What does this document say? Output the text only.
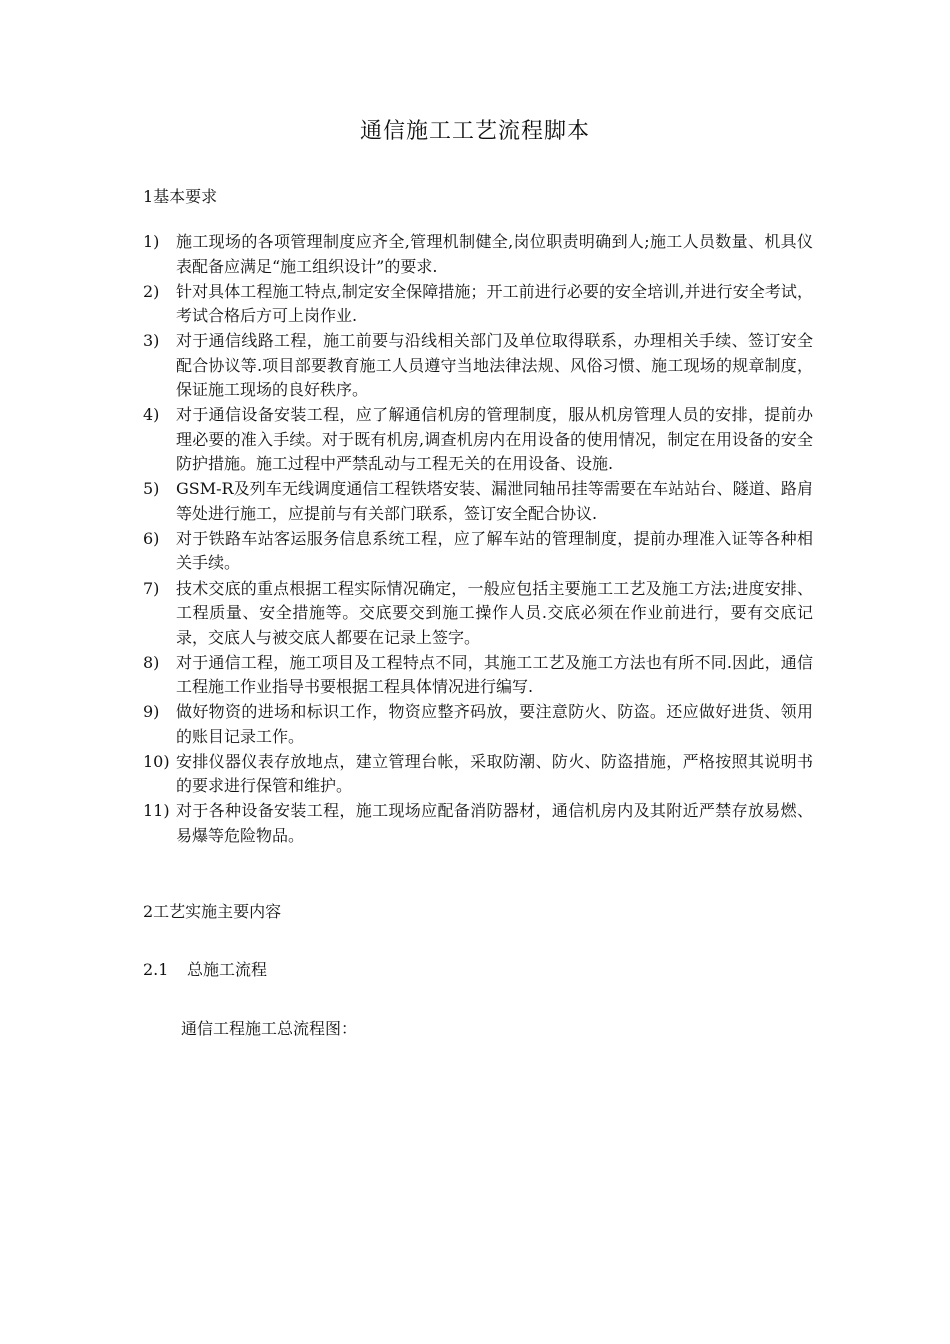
通信施工工艺流程脚本
1基本要求
1)	施工现场的各项管理制度应齐全,管理机制健全,岗位职责明确到人;施工人员数量、机具仪表配备应满足“施工组织设计”的要求.
2)	针对具体工程施工特点,制定安全保障措施；开工前进行必要的安全培训,并进行安全考试，考试合格后方可上岗作业.
3)	对于通信线路工程，施工前要与沿线相关部门及单位取得联系，办理相关手续、签订安全配合协议等.项目部要教育施工人员遵守当地法律法规、风俗习惯、施工现场的规章制度，保证施工现场的良好秩序。
4)	对于通信设备安装工程，应了解通信机房的管理制度，服从机房管理人员的安排，提前办理必要的准入手续。对于既有机房,调查机房内在用设备的使用情况，制定在用设备的安全防护措施。施工过程中严禁乱动与工程无关的在用设备、设施.
5)	GSM-R及列车无线调度通信工程铁塔安装、漏泄同轴吊挂等需要在车站站台、隧道、路肩等处进行施工，应提前与有关部门联系，签订安全配合协议.
6)	对于铁路车站客运服务信息系统工程，应了解车站的管理制度，提前办理准入证等各种相关手续。
7)	技术交底的重点根据工程实际情况确定，一般应包括主要施工工艺及施工方法;进度安排、工程质量、安全措施等。交底要交到施工操作人员.交底必须在作业前进行，要有交底记录，交底人与被交底人都要在记录上签字。
8)	对于通信工程，施工项目及工程特点不同，其施工工艺及施工方法也有所不同.因此，通信工程施工作业指导书要根据工程具体情况进行编写.
9)	做好物资的进场和标识工作，物资应整齐码放，要注意防火、防盗。还应做好进货、领用的账目记录工作。
10) 安排仪器仪表存放地点，建立管理台帐，采取防潮、防火、防盗措施，严格按照其说明书的要求进行保管和维护。
11) 对于各种设备安装工程，施工现场应配备消防器材，通信机房内及其附近严禁存放易燃、易爆等危险物品。
2工艺实施主要内容
2.1 总施工流程
通信工程施工总流程图：
